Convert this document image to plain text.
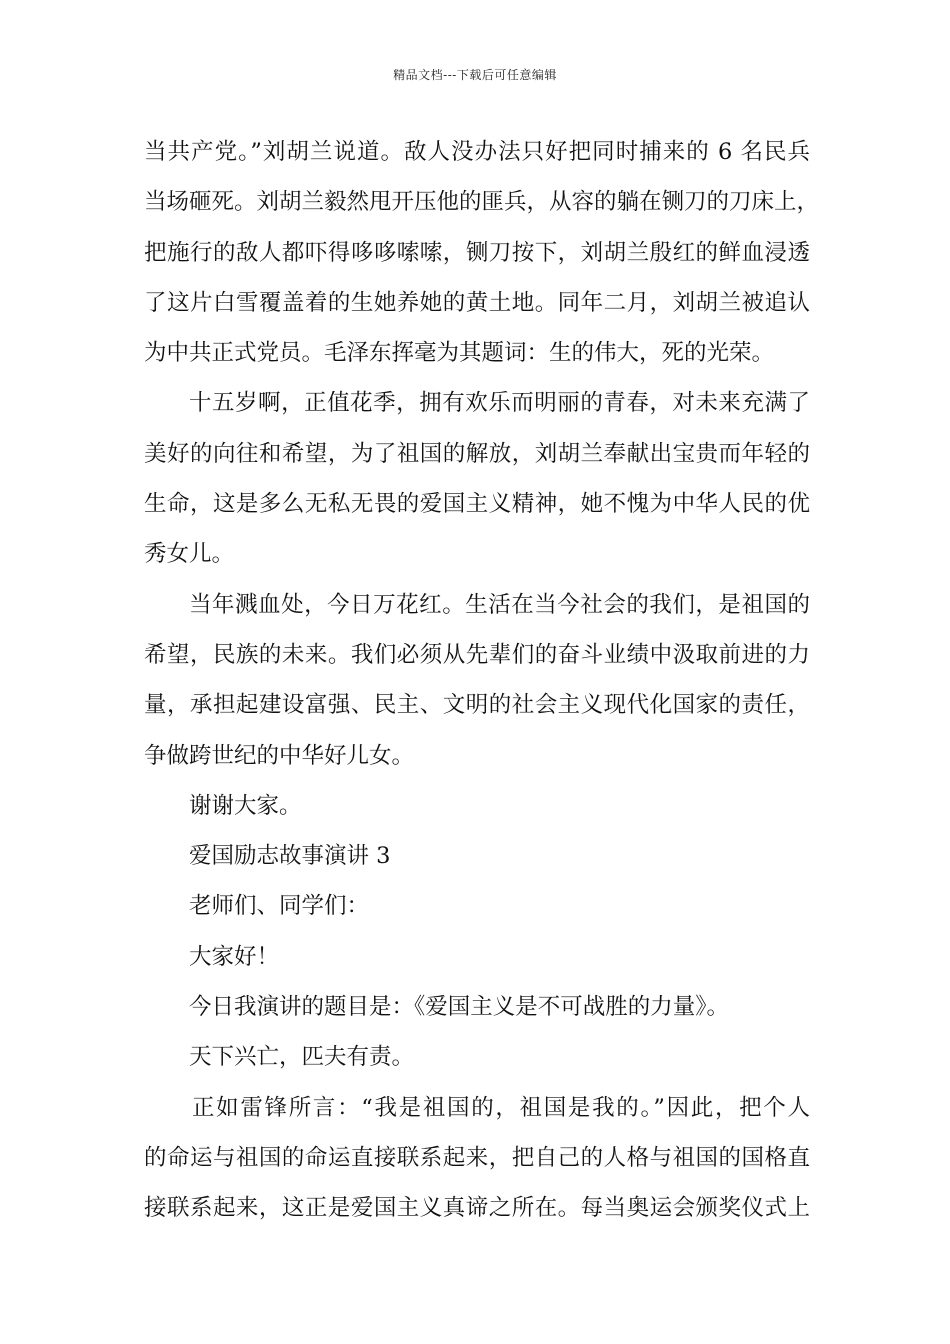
精品文档---下载后可任意编辑
当共产党。”刘胡兰说道。敌人没办法只好把同时捕来的 6 名民兵
当场砸死。刘胡兰毅然甩开压他的匪兵，从容的躺在铡刀的刀床上，
把施行的敌人都吓得哆哆嗦嗦，铡刀按下，刘胡兰殷红的鲜血浸透
了这片白雪覆盖着的生她养她的黄土地。同年二月，刘胡兰被追认
为中共正式党员。毛泽东挥毫为其题词：生的伟大，死的光荣。
十五岁啊，正值花季，拥有欢乐而明丽的青春，对未来充满了
美好的向往和希望，为了祖国的解放，刘胡兰奉献出宝贵而年轻的
生命，这是多么无私无畏的爱国主义精神，她不愧为中华人民的优
秀女儿。
当年溅血处，今日万花红。生活在当今社会的我们，是祖国的
希望，民族的未来。我们必须从先辈们的奋斗业绩中汲取前进的力
量，承担起建设富强、民主、文明的社会主义现代化国家的责任，
争做跨世纪的中华好儿女。
谢谢大家。
爱国励志故事演讲 3
老师们、同学们：
大家好！
今日我演讲的题目是：《爱国主义是不可战胜的力量》。
天下兴亡，匹夫有责。
正如雷锋所言：“我是祖国的，祖国是我的。”因此，把个人
的命运与祖国的命运直接联系起来，把自己的人格与祖国的国格直
接联系起来，这正是爱国主义真谛之所在。每当奥运会颁奖仪式上
